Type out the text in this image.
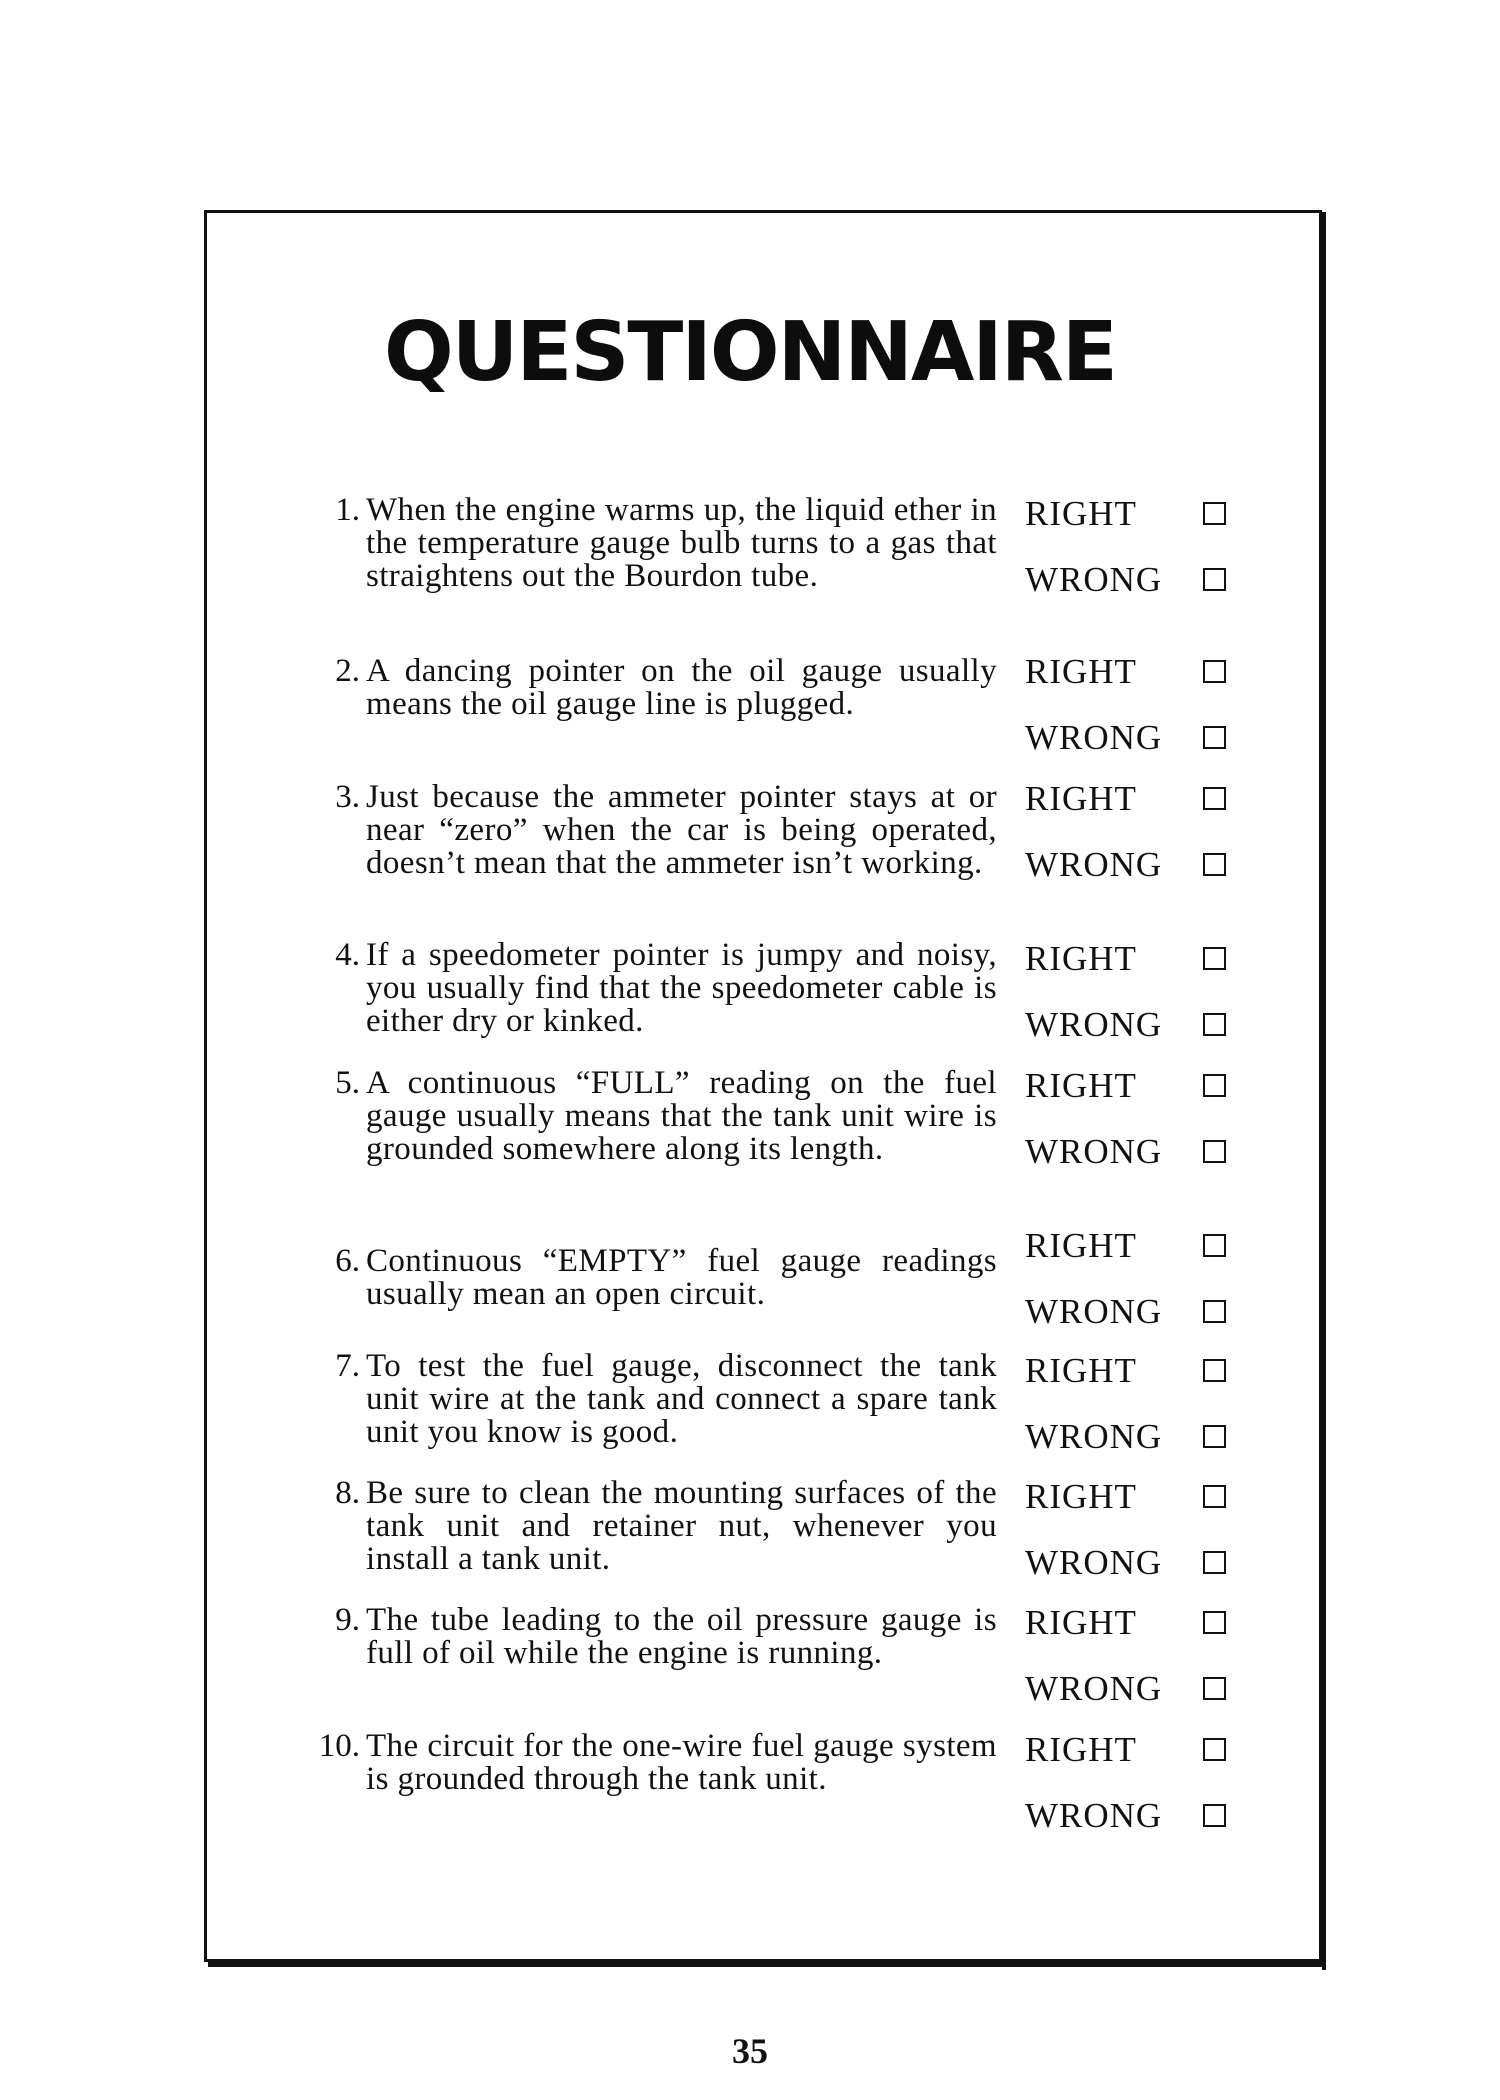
QUESTIONNAIRE
1. When the engine warms up, the liquid ether in the temperature gauge bulb turns to a gas that straightens out the Bourdon tube.
RIGHT
WRONG
2. A dancing pointer on the oil gauge usually means the oil gauge line is plugged.
RIGHT
WRONG
3. Just because the ammeter pointer stays at or near “zero” when the car is being operated, doesn’t mean that the ammeter isn’t working.
RIGHT
WRONG
4. If a speedometer pointer is jumpy and noisy, you usually find that the speedometer cable is either dry or kinked.
RIGHT
WRONG
5. A continuous “FULL” reading on the fuel gauge usually means that the tank unit wire is grounded somewhere along its length.
RIGHT
WRONG
6. Continuous “EMPTY” fuel gauge readings usually mean an open circuit.
RIGHT
WRONG
7. To test the fuel gauge, disconnect the tank unit wire at the tank and connect a spare tank unit you know is good.
RIGHT
WRONG
8. Be sure to clean the mounting surfaces of the tank unit and retainer nut, whenever you install a tank unit.
RIGHT
WRONG
9. The tube leading to the oil pressure gauge is full of oil while the engine is running.
RIGHT
WRONG
10. The circuit for the one-wire fuel gauge system is grounded through the tank unit.
RIGHT
WRONG
35
